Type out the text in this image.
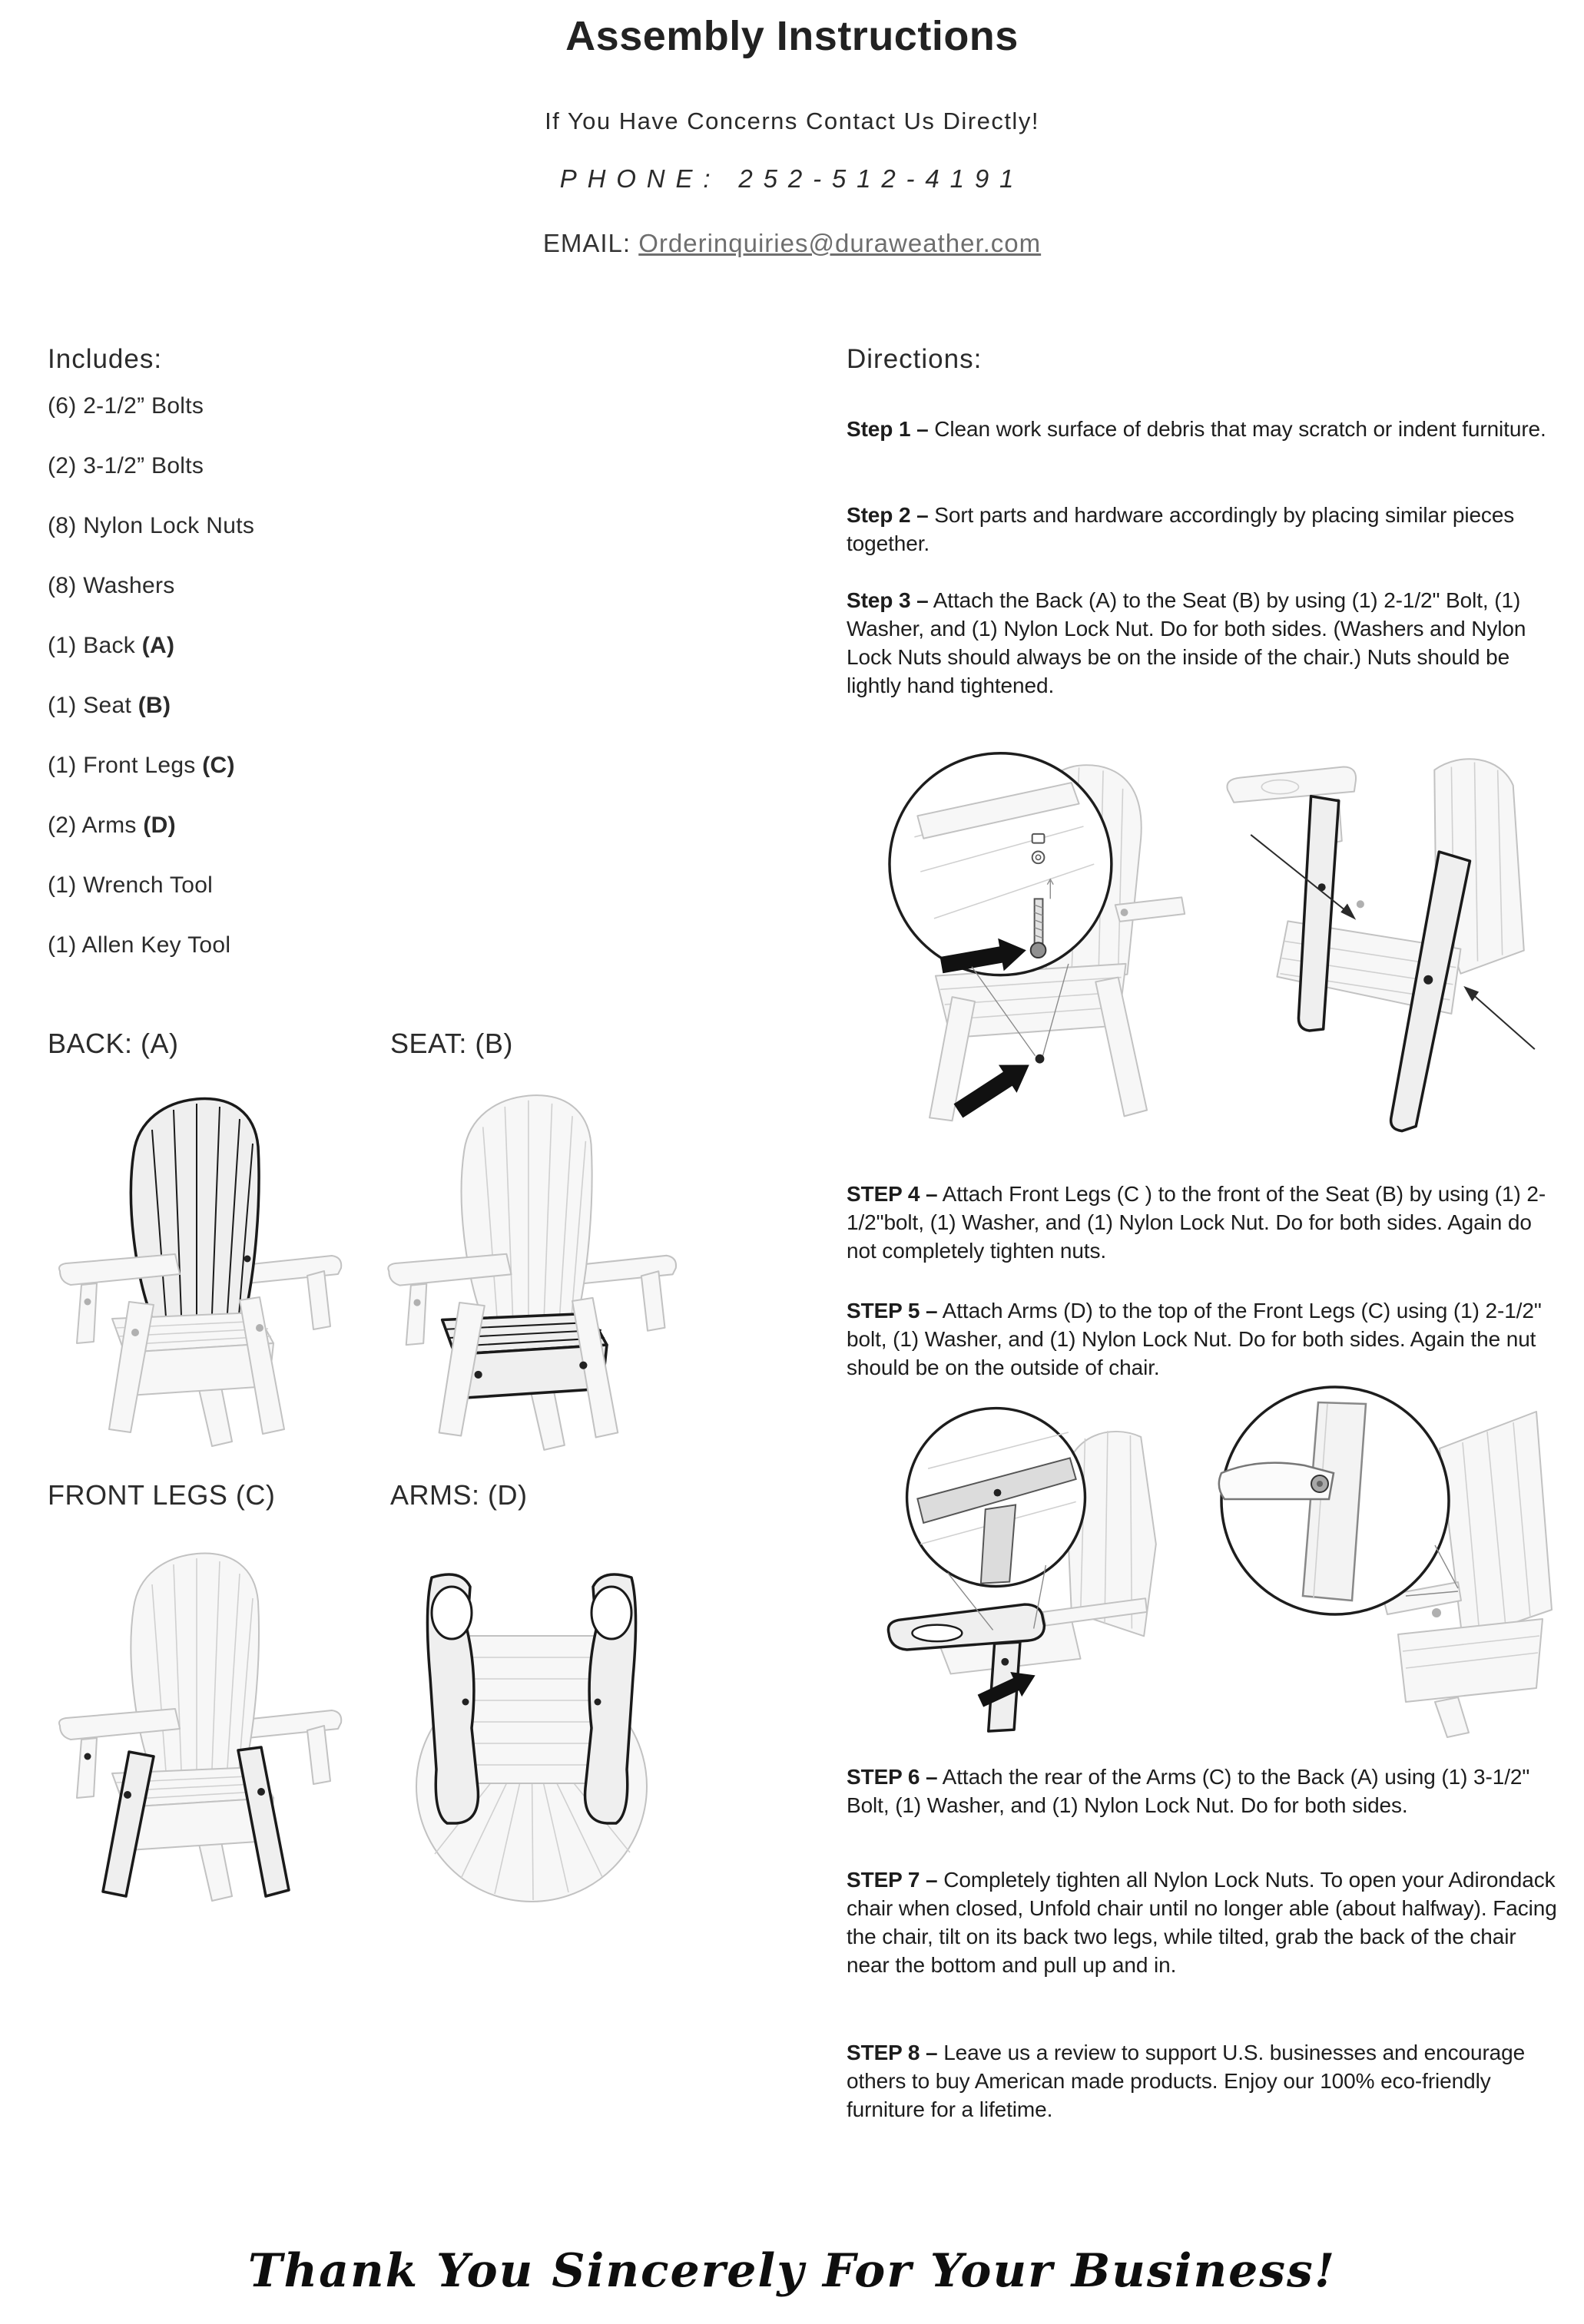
Assembly Instructions

If You Have Concerns Contact Us Directly!

PHONE: 252-512-4191

EMAIL: Orderinquiries@duraweather.com

Includes:
(6) 2-1/2” Bolts
(2) 3-1/2” Bolts
(8) Nylon Lock Nuts
(8) Washers
(1) Back (A)
(1) Seat (B)
(1) Front Legs (C)
(2) Arms (D)
(1) Wrench Tool
(1) Allen Key Tool
Directions:

Step 1 – Clean work surface of debris that may scratch or indent furniture.

Step 2 – Sort parts and hardware accordingly by placing similar pieces together.

Step 3 – Attach the Back (A) to the Seat (B) by using (1) 2-1/2" Bolt, (1) Washer, and (1) Nylon Lock Nut. Do for both sides. (Washers and Nylon Lock Nuts should always be on the inside of the chair.) Nuts should be lightly hand tightened.

STEP 4 – Attach Front Legs (C ) to the front of the Seat (B) by using (1) 2-1/2"bolt, (1) Washer, and (1) Nylon Lock Nut. Do for both sides. Again do not completely tighten nuts.

STEP 5 – Attach Arms (D) to the top of the Front Legs (C) using (1) 2-1/2" bolt, (1) Washer, and (1) Nylon Lock Nut. Do for both sides. Again the nut should be on the outside of chair.

STEP 6 – Attach the rear of the Arms (C) to the Back (A) using (1) 3-1/2" Bolt, (1) Washer, and (1) Nylon Lock Nut. Do for both sides.

STEP 7 – Completely tighten all Nylon Lock Nuts. To open your Adirondack chair when closed, Unfold chair until no longer able (about halfway). Facing the chair, tilt on its back two legs, while tilted, grab the back of the chair near the bottom and pull up and in.

STEP 8 – Leave us a review to support U.S. businesses and encourage others to buy American made products. Enjoy our 100% eco-friendly furniture for a lifetime.

BACK: (A)	SEAT: (B)
FRONT LEGS (C)	ARMS: (D)

Thank You Sincerely For Your Business!
